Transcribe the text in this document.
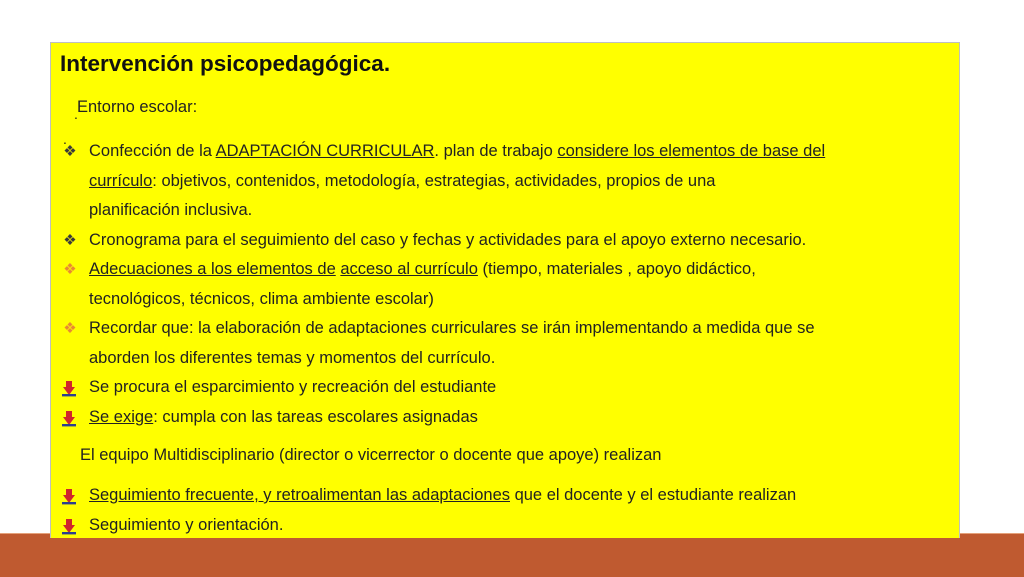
Intervención psicopedagógica.
. Entorno escolar:
.
❖ Confección de la ADAPTACIÓN CURRICULAR. plan de trabajo considere los elementos de base del
currículo: objetivos, contenidos, metodología, estrategias, actividades, propios de una
planificación inclusiva.
❖ Cronograma para el seguimiento del caso y fechas y actividades para el apoyo externo necesario.
❖ Adecuaciones a los elementos de acceso al currículo (tiempo, materiales , apoyo didáctico,
tecnológicos, técnicos, clima ambiente escolar)
❖ Recordar que: la elaboración de adaptaciones curriculares se irán implementando a medida que se
aborden los diferentes temas y momentos del currículo.
Se procura el esparcimiento y recreación del estudiante
Se exige: cumpla con las tareas escolares asignadas
El equipo Multidisciplinario (director o vicerrector o docente que apoye) realizan
Seguimiento frecuente, y retroalimentan las adaptaciones que el docente y el estudiante realizan
Seguimiento y orientación.
